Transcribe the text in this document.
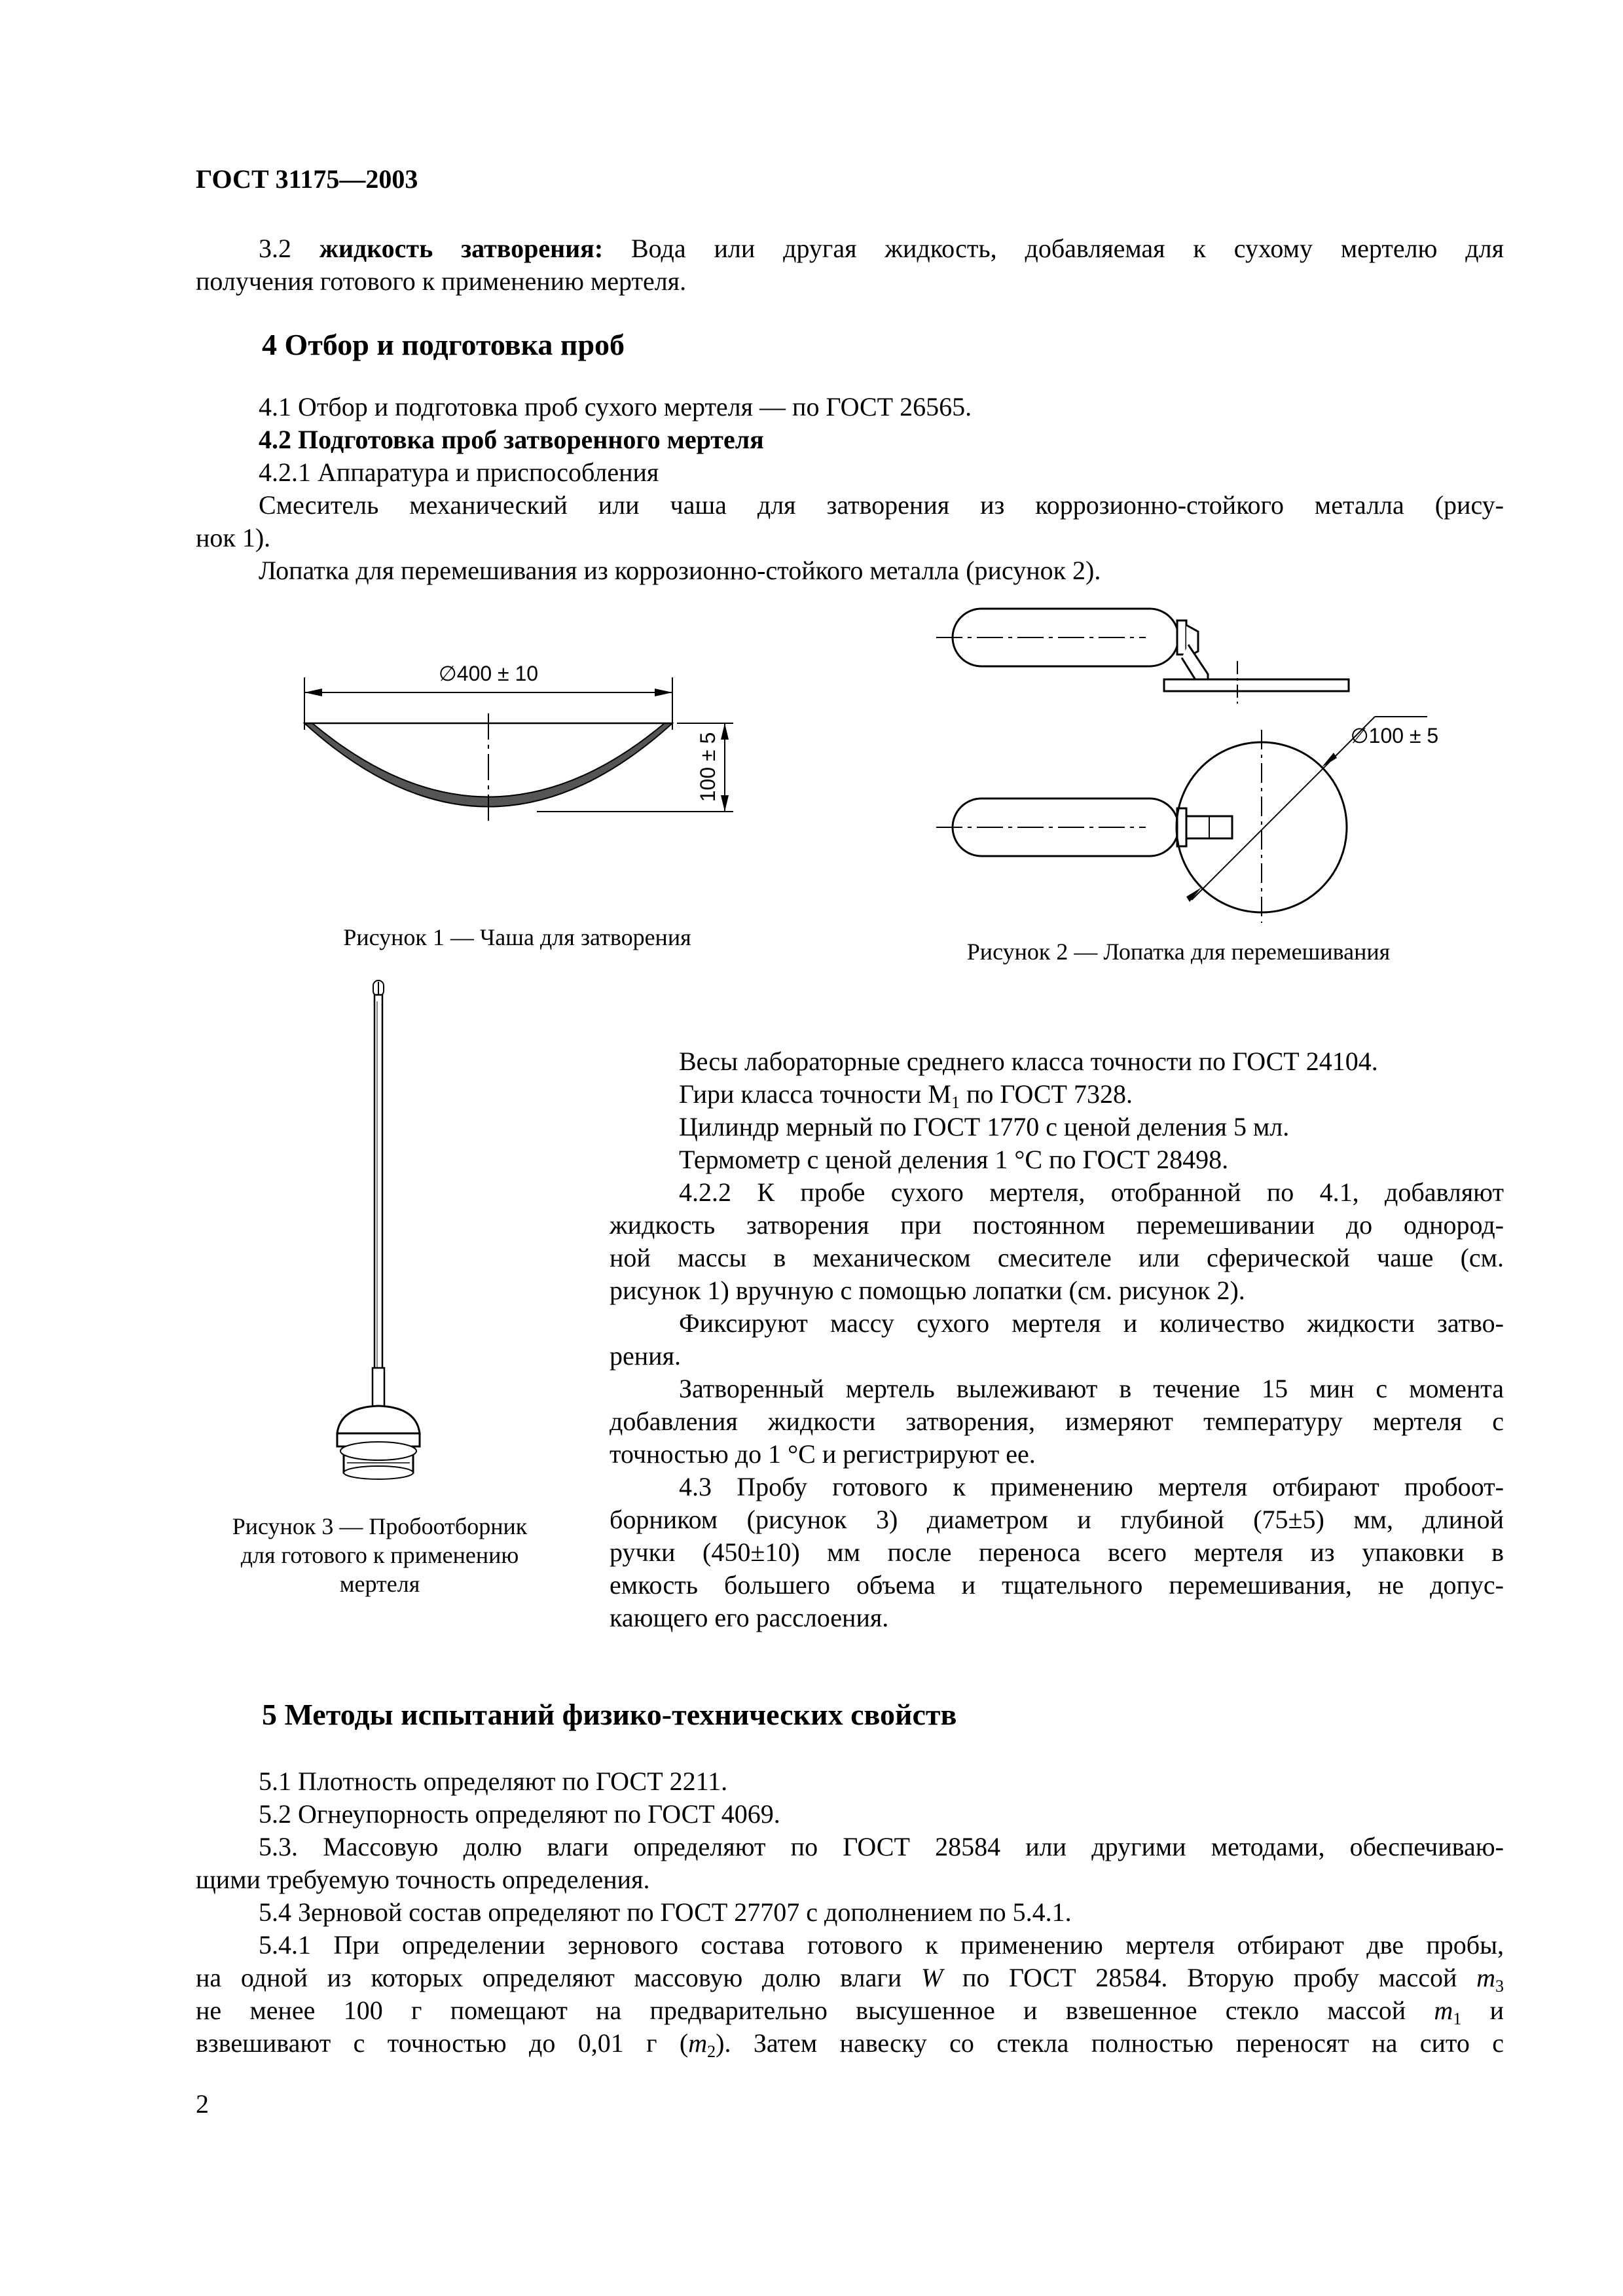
ГОСТ 31175—2003
3.2 жидкость затворения: Вода или другая жидкость, добавляемая к сухому мертелю для
получения готового к применению мертеля.
4 Отбор и подготовка проб
4.1 Отбор и подготовка проб сухого мертеля — по ГОСТ 26565.
4.2 Подготовка проб затворенного мертеля
4.2.1 Аппаратура и приспособления
Смеситель механический или чаша для затворения из коррозионно-стойкого металла (рису-
нок 1).
Лопатка для перемешивания из коррозионно-стойкого металла (рисунок 2).
∅400 ± 10
100 ± 5
Рисунок 1 — Чаша для затворения
∅100 ± 5
Рисунок 2 — Лопатка для перемешивания
Рисунок 3 — Пробоотборник
для готового к применению
мертеля
Весы лабораторные среднего класса точности по ГОСТ 24104.
Гири класса точности $М_1$ по ГОСТ 7328.
Цилиндр мерный по ГОСТ 1770 с ценой деления 5 мл.
Термометр с ценой деления 1 °С по ГОСТ 28498.
4.2.2 К пробе сухого мертеля, отобранной по 4.1, добавляют
жидкость затворения при постоянном перемешивании до однород-
ной массы в механическом смесителе или сферической чаше (см.
рисунок 1) вручную с помощью лопатки (см. рисунок 2).
Фиксируют массу сухого мертеля и количество жидкости затво-
рения.
Затворенный мертель вылеживают в течение 15 мин с момента
добавления жидкости затворения, измеряют температуру мертеля с
точностью до 1 °С и регистрируют ее.
4.3 Пробу готового к применению мертеля отбирают пробоот-
борником (рисунок 3) диаметром и глубиной (75±5) мм, длиной
ручки (450±10) мм после переноса всего мертеля из упаковки в
емкость большего объема и тщательного перемешивания, не допус-
кающего его расслоения.
5 Методы испытаний физико-технических свойств
5.1 Плотность определяют по ГОСТ 2211.
5.2 Огнеупорность определяют по ГОСТ 4069.
5.3. Массовую долю влаги определяют по ГОСТ 28584 или другими методами, обеспечиваю-
щими требуемую точность определения.
5.4 Зерновой состав определяют по ГОСТ 27707 с дополнением по 5.4.1.
5.4.1 При определении зернового состава готового к применению мертеля отбирают две пробы,
на одной из которых определяют массовую долю влаги W по ГОСТ 28584. Вторую пробу массой $m_3$
не менее 100 г помещают на предварительно высушенное и взвешенное стекло массой $m_1$ и
взвешивают с точностью до 0,01 г $(m_2)$. Затем навеску со стекла полностью переносят на сито с
2
